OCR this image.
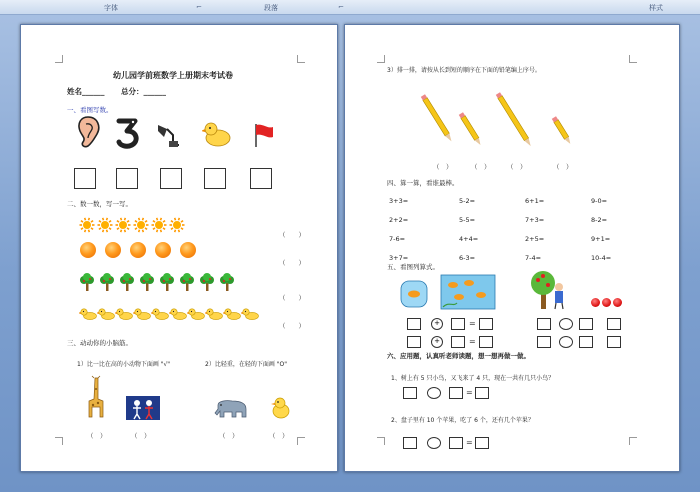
字体	⌐	段落	⌐	样式
幼儿园学前班数学上册期末考试卷
姓名______ 总分：______
一、看图写数。
二、数一数，写一写。
（　　）
（　　）
（　　）
（　　）
三、动动你的小脑筋。
1）比一比在高的小动物下面画 "√"	2）比轻重，在轻的下面画 "O"
（　）	（　）	（　）	（　）
3）排一排，请按从长到短的顺序在下面的铅笔编上序号。
（　）	（　）	（　）	（　）
四、算一算，看谁最棒。
五、看图列算式。
+	=
+	=
六、应用题，认真听老师读题，想一想再做一做。
1、树上有 5 只小鸟，又飞来了 4 只，现在一共有几只小鸟？
=
2、盘子里有 10 个苹果，吃了 6 个，还有几个苹果？
=
3+3=	5-2=	6+1=	9-0=
2+2=	5-5=	7+3=	8-2=
7-6=	4+4=	2+5=	9+1=
3+7=	6-3=	7-4=	10-4=
